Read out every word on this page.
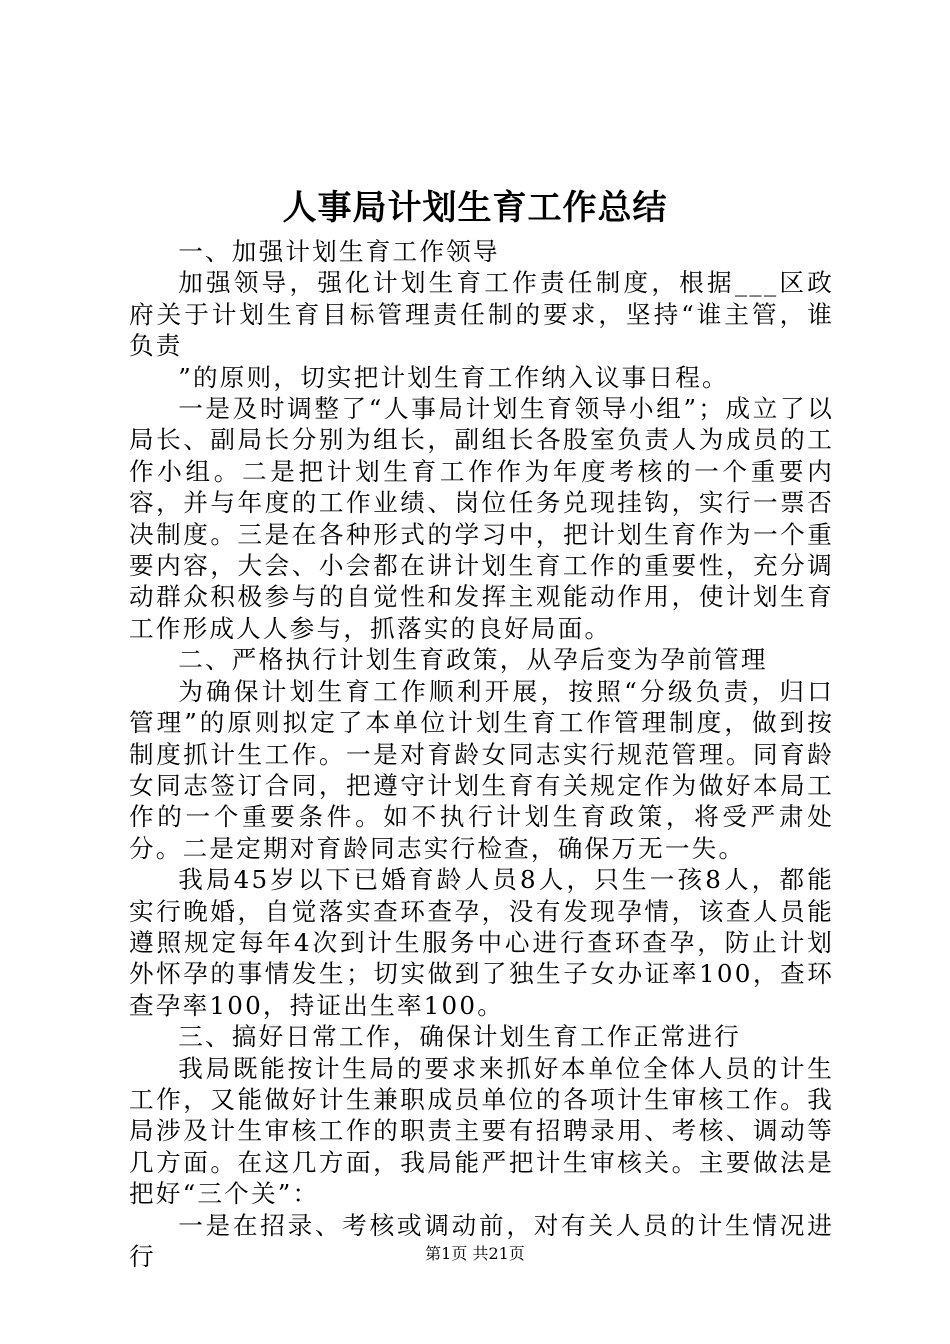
人事局计划生育工作总结

一、加强计划生育工作领导

加强领导，强化计划生育工作责任制度，根据___区政府关于计划生育目标管理责任制的要求，坚持“谁主管，谁负责

”的原则，切实把计划生育工作纳入议事日程。

一是及时调整了“人事局计划生育领导小组”；成立了以局长、副局长分别为组长，副组长各股室负责人为成员的工作小组。二是把计划生育工作作为年度考核的一个重要内容，并与年度的工作业绩、岗位任务兑现挂钩，实行一票否决制度。三是在各种形式的学习中，把计划生育作为一个重要内容，大会、小会都在讲计划生育工作的重要性，充分调动群众积极参与的自觉性和发挥主观能动作用，使计划生育工作形成人人参与，抓落实的良好局面。

二、严格执行计划生育政策，从孕后变为孕前管理

为确保计划生育工作顺利开展，按照“分级负责，归口管理”的原则拟定了本单位计划生育工作管理制度，做到按制度抓计生工作。一是对育龄女同志实行规范管理。同育龄女同志签订合同，把遵守计划生育有关规定作为做好本局工作的一个重要条件。如不执行计划生育政策，将受严肃处分。二是定期对育龄同志实行检查，确保万无一失。

我局45岁以下已婚育龄人员8人，只生一孩8人，都能实行晚婚，自觉落实查环查孕，没有发现孕情，该查人员能遵照规定每年4次到计生服务中心进行查环查孕，防止计划外怀孕的事情发生；切实做到了独生子女办证率100，查环查孕率100，持证出生率100。

三、搞好日常工作，确保计划生育工作正常进行

我局既能按计生局的要求来抓好本单位全体人员的计生工作，又能做好计生兼职成员单位的各项计生审核工作。我局涉及计生审核工作的职责主要有招聘录用、考核、调动等几方面。在这几方面，我局能严把计生审核关。主要做法是把好“三个关”：

一是在招录、考核或调动前，对有关人员的计生情况进行	第1页 共21页
